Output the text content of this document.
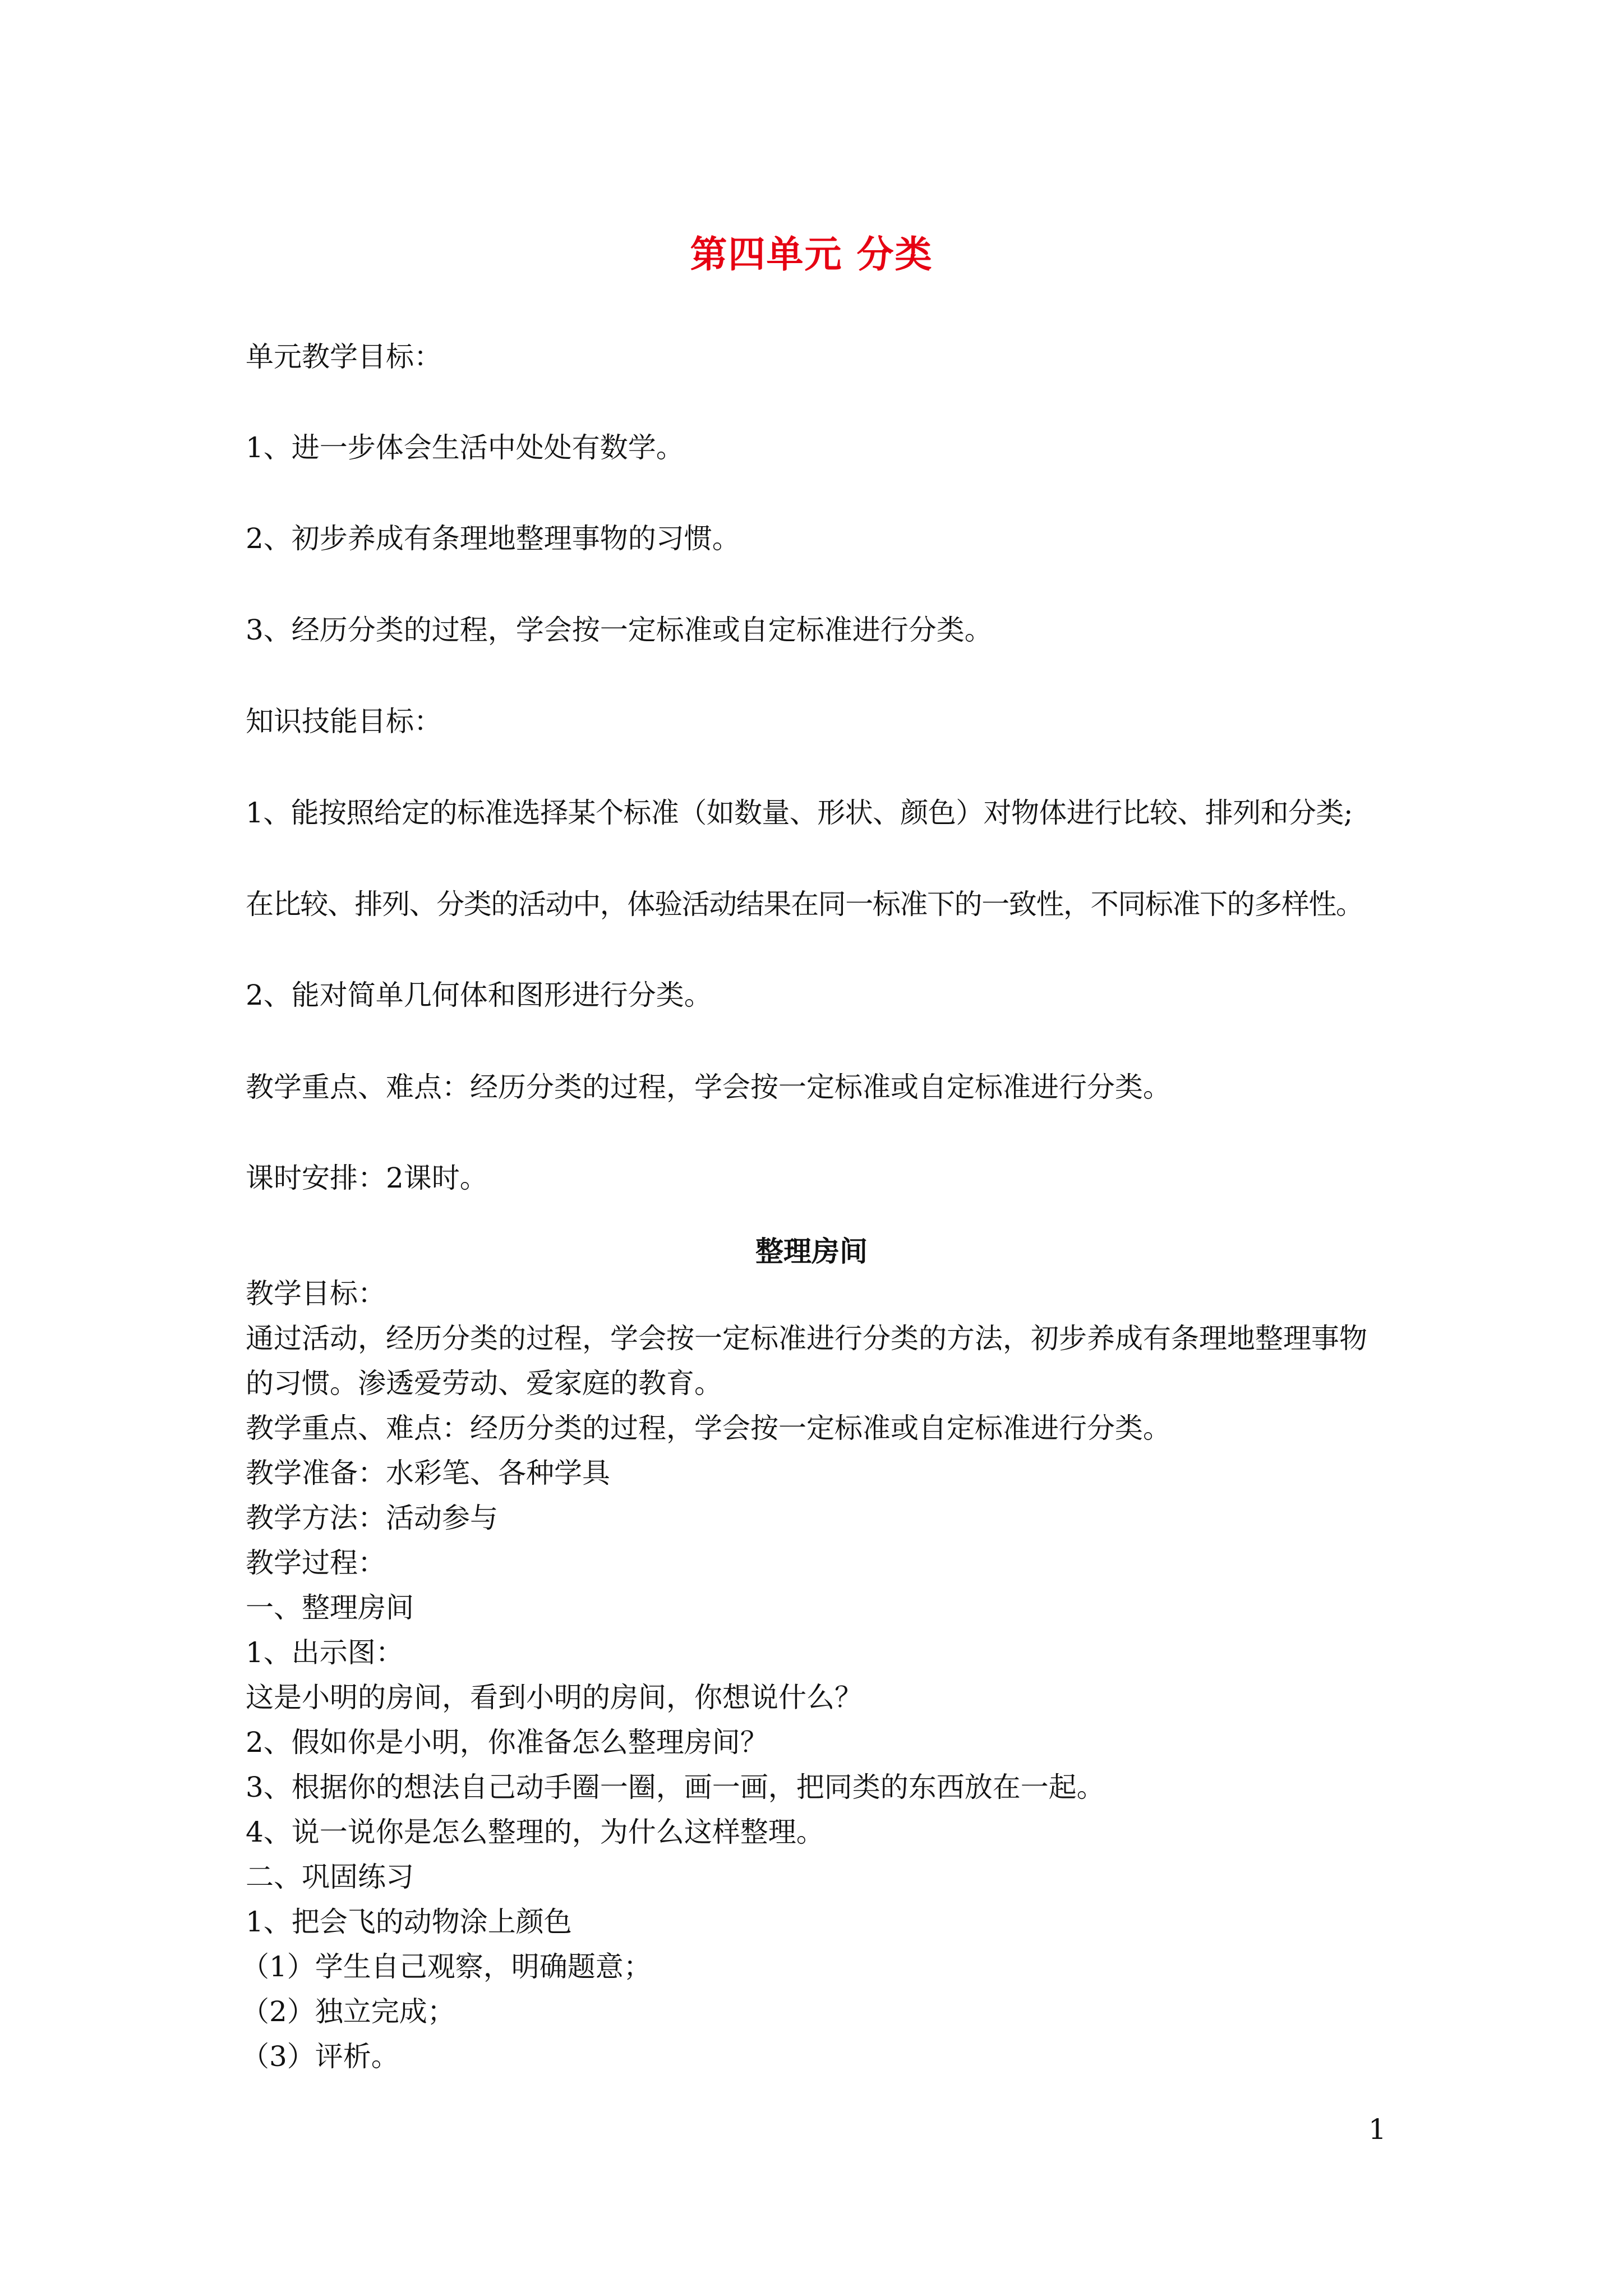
第四单元 分类
单元教学目标：
1、进一步体会生活中处处有数学。
2、初步养成有条理地整理事物的习惯。
3、经历分类的过程，学会按一定标准或自定标准进行分类。
知识技能目标：
1、能按照给定的标准选择某个标准（如数量、形状、颜色）对物体进行比较、排列和分类;
在比较、排列、分类的活动中，体验活动结果在同一标准下的一致性，不同标准下的多样性。
2、能对简单几何体和图形进行分类。
教学重点、难点：经历分类的过程，学会按一定标准或自定标准进行分类。
课时安排：2课时。
整理房间
教学目标：
通过活动，经历分类的过程，学会按一定标准进行分类的方法，初步养成有条理地整理事物
的习惯。渗透爱劳动、爱家庭的教育。
教学重点、难点：经历分类的过程，学会按一定标准或自定标准进行分类。
教学准备：水彩笔、各种学具
教学方法：活动参与
教学过程：
一、整理房间
1、出示图：
这是小明的房间，看到小明的房间，你想说什么？
2、假如你是小明，你准备怎么整理房间？
3、根据你的想法自己动手圈一圈，画一画，把同类的东西放在一起。
4、说一说你是怎么整理的，为什么这样整理。
二、巩固练习
1、把会飞的动物涂上颜色
（1）学生自己观察，明确题意；
（2）独立完成；
（3）评析。
1
